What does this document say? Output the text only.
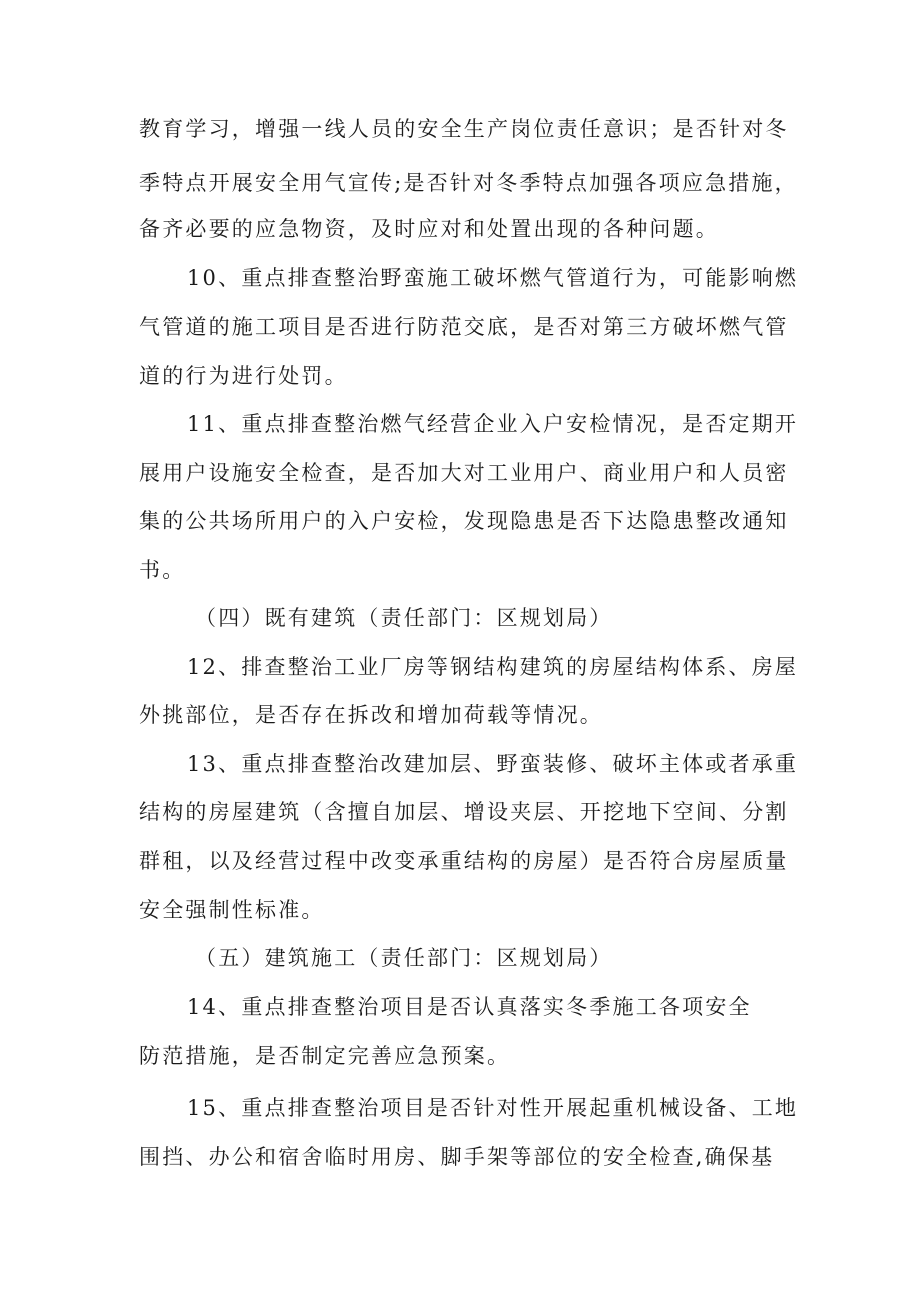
教育学习，增强一线人员的安全生产岗位责任意识；是否针对冬
季特点开展安全用气宣传;是否针对冬季特点加强各项应急措施，
备齐必要的应急物资，及时应对和处置出现的各种问题。
10、重点排查整治野蛮施工破坏燃气管道行为，可能影响燃
气管道的施工项目是否进行防范交底，是否对第三方破坏燃气管
道的行为进行处罚。
11、重点排查整治燃气经营企业入户安检情况，是否定期开
展用户设施安全检查，是否加大对工业用户、商业用户和人员密
集的公共场所用户的入户安检，发现隐患是否下达隐患整改通知
书。
（四）既有建筑（责任部门：区规划局）
12、排查整治工业厂房等钢结构建筑的房屋结构体系、房屋
外挑部位，是否存在拆改和增加荷载等情况。
13、重点排查整治改建加层、野蛮装修、破坏主体或者承重
结构的房屋建筑（含擅自加层、增设夹层、开挖地下空间、分割
群租，以及经营过程中改变承重结构的房屋）是否符合房屋质量
安全强制性标准。
（五）建筑施工（责任部门：区规划局）
14、重点排查整治项目是否认真落实冬季施工各项安全
防范措施，是否制定完善应急预案。
15、重点排查整治项目是否针对性开展起重机械设备、工地
围挡、办公和宿舍临时用房、脚手架等部位的安全检查,确保基
